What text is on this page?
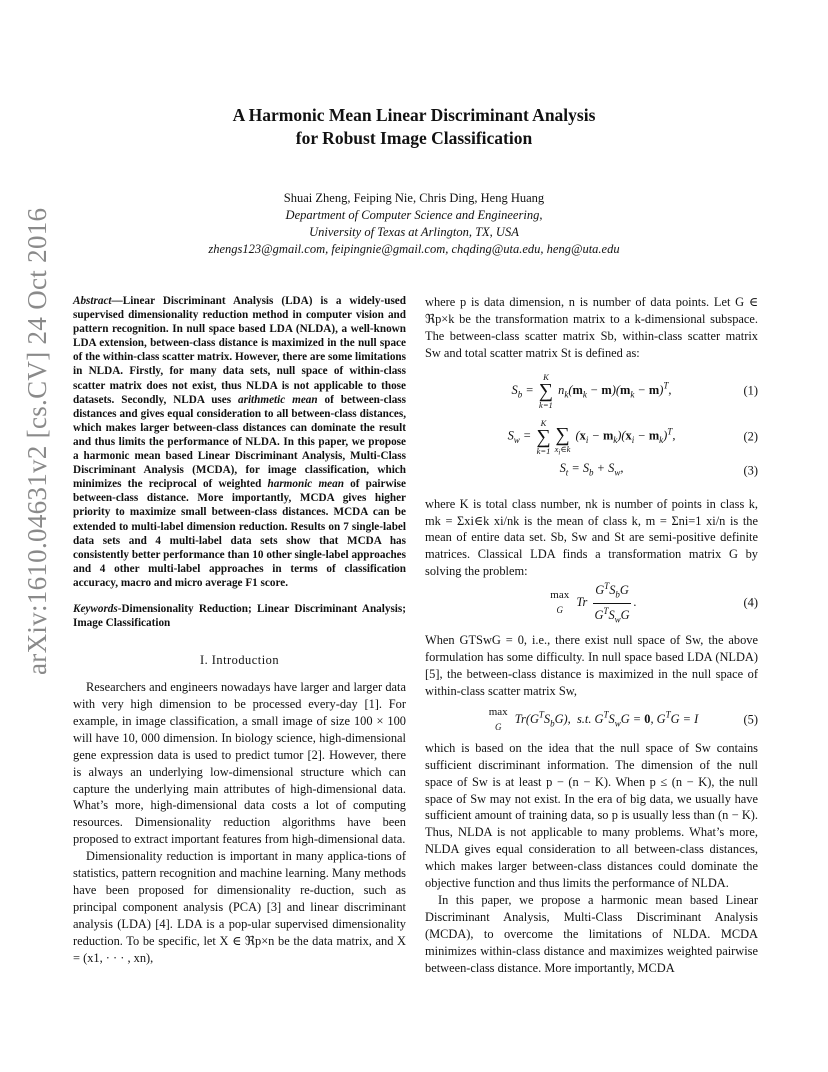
arXiv:1610.04631v2 [cs.CV] 24 Oct 2016
A Harmonic Mean Linear Discriminant Analysis
for Robust Image Classification
Shuai Zheng, Feiping Nie, Chris Ding, Heng Huang
Department of Computer Science and Engineering,
University of Texas at Arlington, TX, USA
zhengs123@gmail.com, feipingnie@gmail.com, chqding@uta.edu, heng@uta.edu

Abstract—Linear Discriminant Analysis (LDA) is a widely-used supervised dimensionality reduction method in computer vision and pattern recognition. In null space based LDA (NLDA), a well-known LDA extension, between-class distance is maximized in the null space of the within-class scatter matrix. However, there are some limitations in NLDA. Firstly, for many data sets, null space of within-class scatter matrix does not exist, thus NLDA is not applicable to those datasets. Secondly, NLDA uses arithmetic mean of between-class distances and gives equal consideration to all between-class distances, which makes larger between-class distances can dominate the result and thus limits the performance of NLDA. In this paper, we propose a harmonic mean based Linear Discriminant Analysis, Multi-Class Discriminant Analysis (MCDA), for image classification, which minimizes the reciprocal of weighted harmonic mean of pairwise between-class distance. More importantly, MCDA gives higher priority to maximize small between-class distances. MCDA can be extended to multi-label dimension reduction. Results on 7 single-label data sets and 4 multi-label data sets show that MCDA has consistently better performance than 10 other single-label approaches and 4 other multi-label approaches in terms of classification accuracy, macro and micro average F1 score.

Keywords-Dimensionality Reduction; Linear Discriminant Analysis; Image Classification

I. Introduction

Researchers and engineers nowadays have larger and larger data with very high dimension to be processed every-day [1]. For example, in image classification, a small image of size 100 × 100 will have 10, 000 dimension. In biology science, high-dimensional gene expression data is used to predict tumor [2]. However, there is always an underlying low-dimensional structure which can capture the underlying main attributes of high-dimensional data. What’s more, high-dimensional data costs a lot of computing resources. Dimensionality reduction algorithms have been proposed to extract important features from high-dimensional data.

Dimensionality reduction is important in many applica-tions of statistics, pattern recognition and machine learning. Many methods have been proposed for dimensionality re-duction, such as principal component analysis (PCA) [3] and linear discriminant analysis (LDA) [4]. LDA is a pop-ular supervised dimensionality reduction. To be specific, let X ∈ ℜp×n be the data matrix, and X = (x1, · · · , xn),

where p is data dimension, n is number of data points. Let G ∈ ℜp×k be the transformation matrix to a k-dimensional subspace. The between-class scatter matrix Sb, within-class scatter matrix Sw and total scatter matrix St is defined as:

$S_b$ =
K
∑
k=1
$n_k(m_k - m)(m_k - m)^T$,	(1)
$S_w$ =
K
∑
k=1

∑
$x_i\in k$
$(x_i - m_k)(x_i - m_k)^T$,	(2)
$S_t = S_b + S_w$,	(3)

where K is total class number, nk is number of points in class k, mk = Σxi∈k xi/nk is the mean of class k, m = Σni=1 xi/n is the mean of entire data set. Sb, Sw and St are semi-positive definite matrices. Classical LDA finds a transformation matrix G by solving the problem:

max
G
Tr $\frac{G^TS_bG}{G^TS_wG}$ .	(4)

When GTSwG = 0, i.e., there exist null space of Sw, the above formulation has some difficulty. In null space based LDA (NLDA) [5], the between-class distance is maximized in the null space of within-class scatter matrix Sw,

max
G
$Tr(G^TS_bG)$,  s.t. $G^TS_wG = 0$, $G^TG = I$	(5)

which is based on the idea that the null space of Sw contains sufficient discriminant information. The dimension of the null space of Sw is at least p − (n − K). When p ≤ (n − K), the null space of Sw may not exist. In the era of big data, we usually have sufficient amount of training data, so p is usually less than (n − K). Thus, NLDA is not applicable to many problems. What’s more, NLDA gives equal consideration to all between-class distances, which makes larger between-class distances could dominate the objective function and thus limits the performance of NLDA.

In this paper, we propose a harmonic mean based Linear Discriminant Analysis, Multi-Class Discriminant Analysis (MCDA), to overcome the limitations of NLDA. MCDA minimizes within-class distance and maximizes weighted pairwise between-class distance. More importantly, MCDA
